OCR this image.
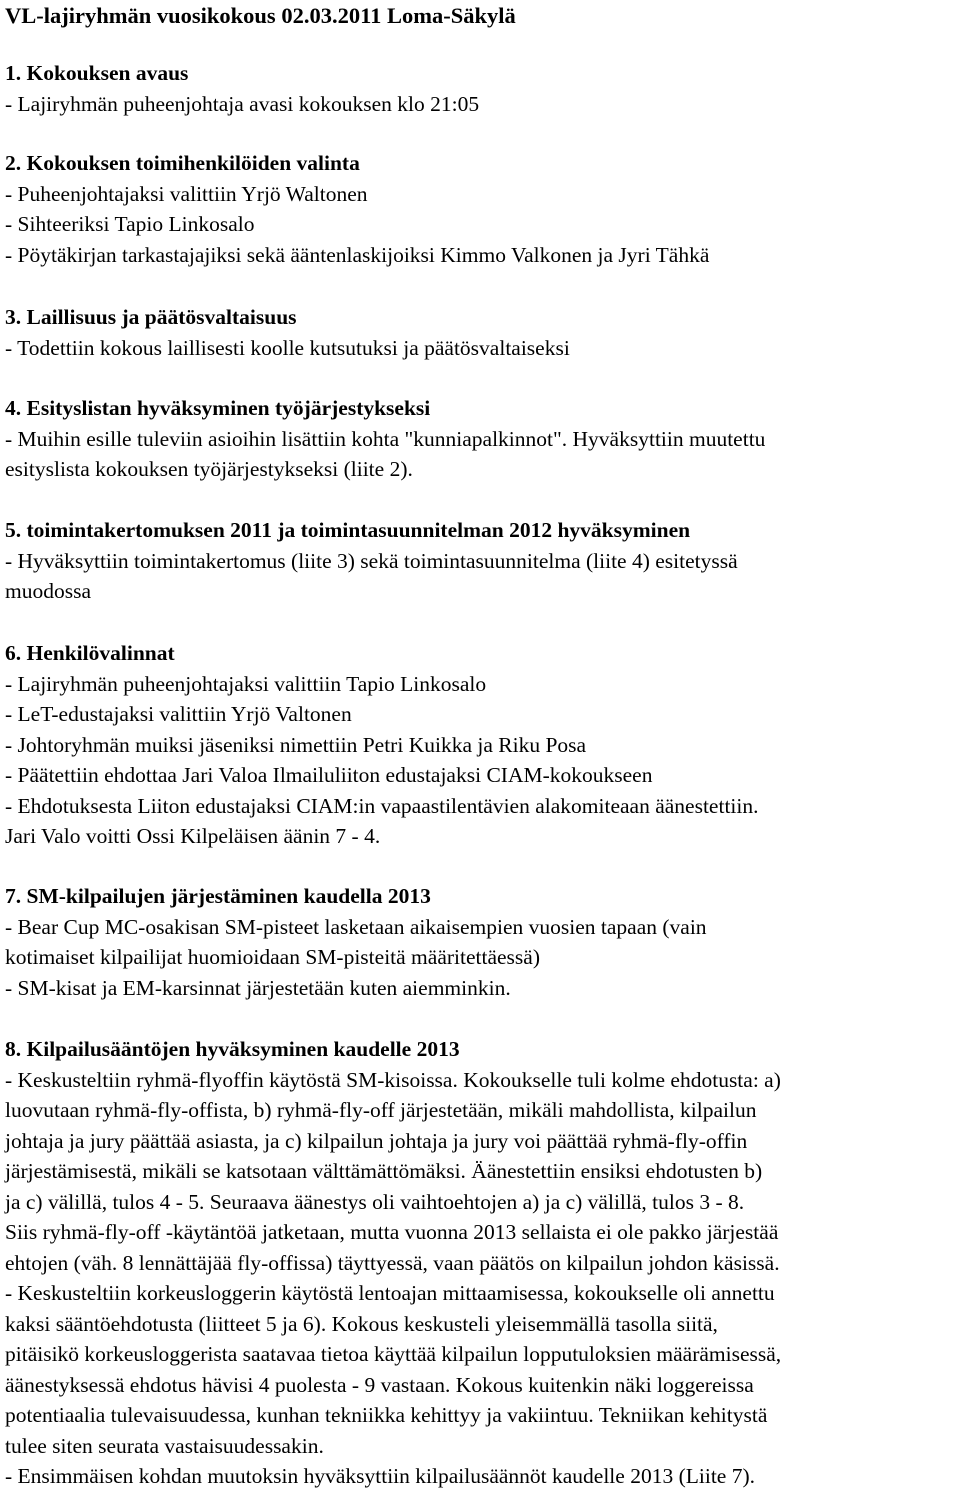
VL-lajiryhmän vuosikokous 02.03.2011 Loma-Säkylä
1. Kokouksen avaus
- Lajiryhmän puheenjohtaja avasi kokouksen klo 21:05
2. Kokouksen toimihenkilöiden valinta
- Puheenjohtajaksi valittiin Yrjö Waltonen
- Sihteeriksi Tapio Linkosalo
- Pöytäkirjan tarkastajajiksi sekä ääntenlaskijoiksi Kimmo Valkonen ja Jyri Tähkä
3. Laillisuus ja päätösvaltaisuus
- Todettiin kokous laillisesti koolle kutsutuksi ja päätösvaltaiseksi
4. Esityslistan hyväksyminen työjärjestykseksi
- Muihin esille tuleviin asioihin lisättiin kohta "kunniapalkinnot". Hyväksyttiin muutettu
esityslista kokouksen työjärjestykseksi (liite 2).
5. toimintakertomuksen 2011 ja toimintasuunnitelman 2012 hyväksyminen
- Hyväksyttiin toimintakertomus (liite 3) sekä toimintasuunnitelma (liite 4) esitetyssä
muodossa
6. Henkilövalinnat
- Lajiryhmän puheenjohtajaksi valittiin Tapio Linkosalo
- LeT-edustajaksi valittiin Yrjö Valtonen
- Johtoryhmän muiksi jäseniksi nimettiin Petri Kuikka ja Riku Posa
- Päätettiin ehdottaa Jari Valoa Ilmailuliiton edustajaksi CIAM-kokoukseen
- Ehdotuksesta Liiton edustajaksi CIAM:in vapaastilentävien alakomiteaan äänestettiin.
Jari Valo voitti Ossi Kilpeläisen äänin 7 - 4.
7. SM-kilpailujen järjestäminen kaudella 2013
- Bear Cup MC-osakisan SM-pisteet lasketaan aikaisempien vuosien tapaan (vain
kotimaiset kilpailijat huomioidaan SM-pisteitä määritettäessä)
- SM-kisat ja EM-karsinnat järjestetään kuten aiemminkin.
8. Kilpailusääntöjen hyväksyminen kaudelle 2013
- Keskusteltiin ryhmä-flyoffin käytöstä SM-kisoissa. Kokoukselle tuli kolme ehdotusta: a)
luovutaan ryhmä-fly-offista, b) ryhmä-fly-off järjestetään, mikäli mahdollista, kilpailun
johtaja ja jury päättää asiasta, ja c) kilpailun johtaja ja jury voi päättää ryhmä-fly-offin
järjestämisestä, mikäli se katsotaan välttämättömäksi. Äänestettiin ensiksi ehdotusten b)
ja c) välillä, tulos 4 - 5. Seuraava äänestys oli vaihtoehtojen a) ja c) välillä, tulos 3 - 8.
Siis ryhmä-fly-off -käytäntöä jatketaan, mutta vuonna 2013 sellaista ei ole pakko järjestää
ehtojen (väh. 8 lennättäjää fly-offissa) täyttyessä, vaan päätös on kilpailun johdon käsissä.
- Keskusteltiin korkeusloggerin käytöstä lentoajan mittaamisessa, kokoukselle oli annettu
kaksi sääntöehdotusta (liitteet 5 ja 6). Kokous keskusteli yleisemmällä tasolla siitä,
pitäisikö korkeusloggerista saatavaa tietoa käyttää kilpailun lopputuloksien määrämisessä,
äänestyksessä ehdotus hävisi 4 puolesta - 9 vastaan. Kokous kuitenkin näki loggereissa
potentiaalia tulevaisuudessa, kunhan tekniikka kehittyy ja vakiintuu. Tekniikan kehitystä
tulee siten seurata vastaisuudessakin.
- Ensimmäisen kohdan muutoksin hyväksyttiin kilpailusäännöt kaudelle 2013 (Liite 7).
